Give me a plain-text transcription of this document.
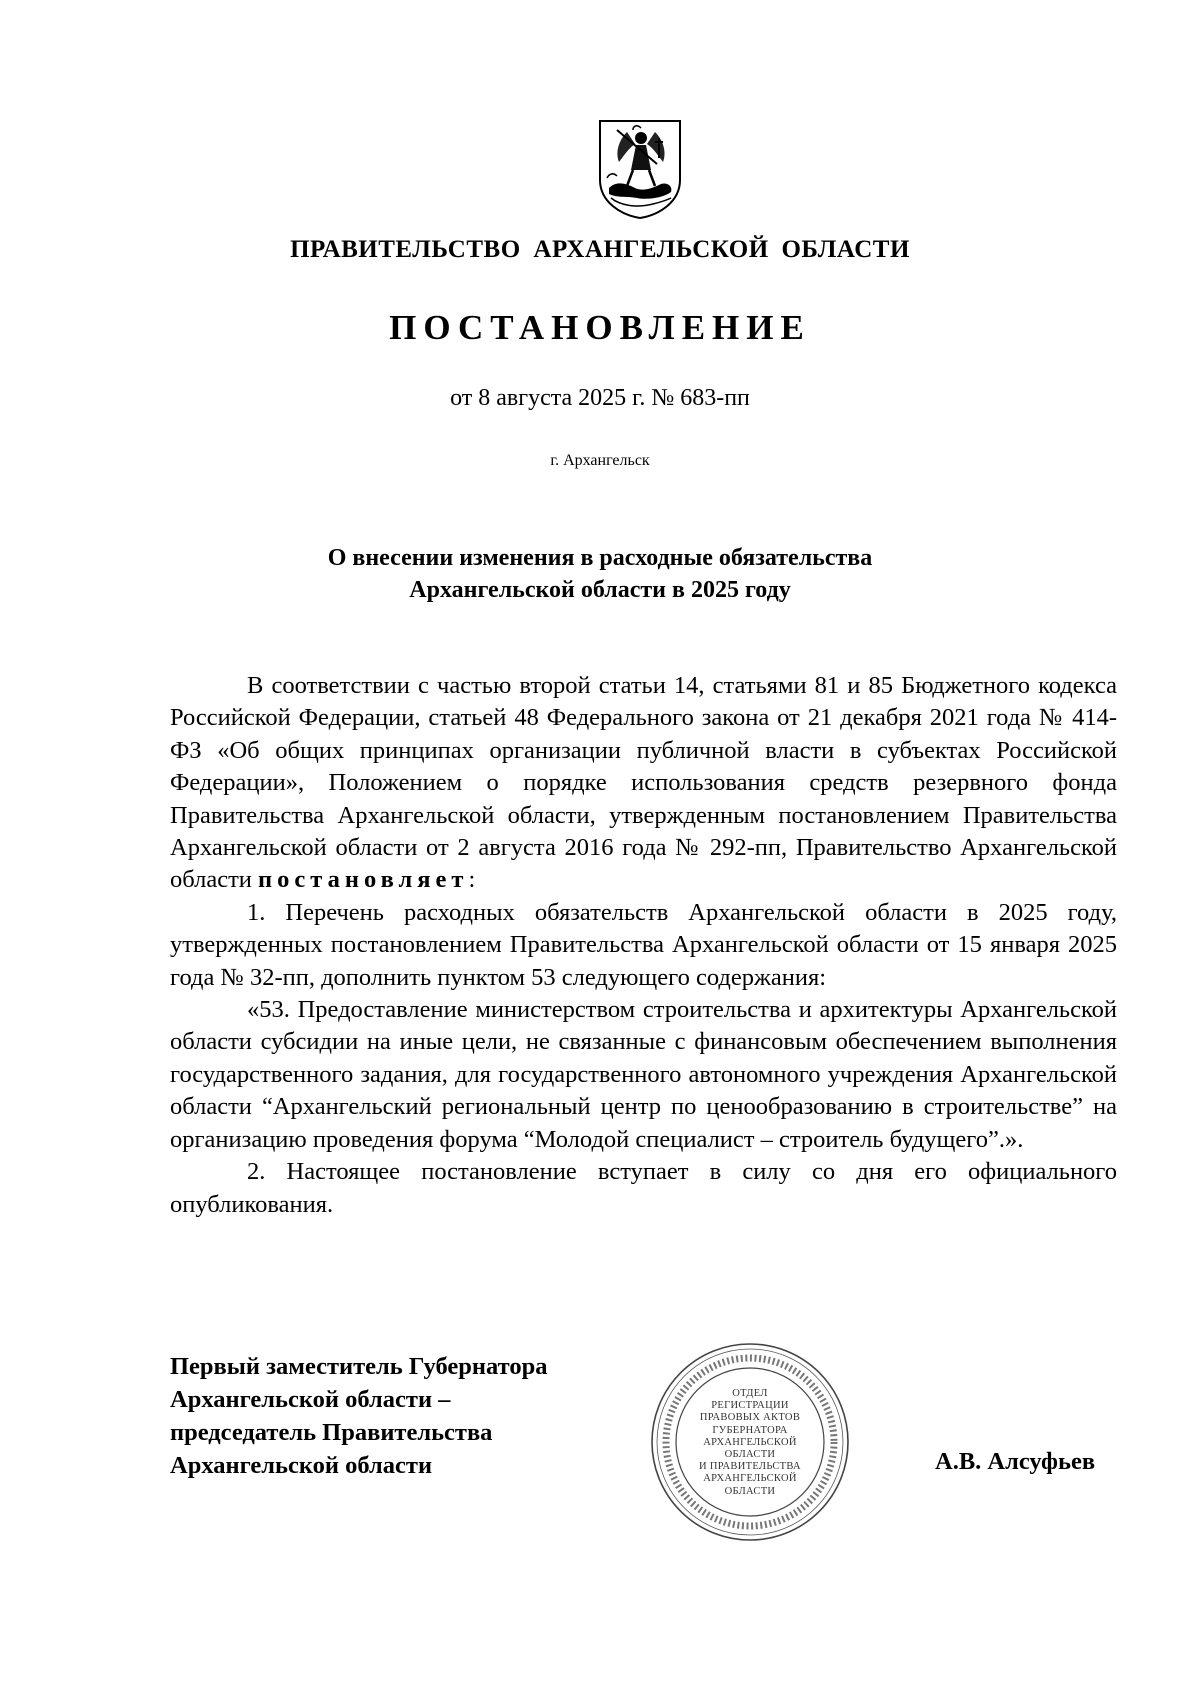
ПРАВИТЕЛЬСТВО АРХАНГЕЛЬСКОЙ ОБЛАСТИ
ПОСТАНОВЛЕНИЕ
от 8 августа 2025 г. № 683-пп
г. Архангельск
О внесении изменения в расходные обязательства
Архангельской области в 2025 году

В соответствии с частью второй статьи 14, статьями 81 и 85 Бюджетного кодекса Российской Федерации, статьей 48 Федерального закона от 21 декабря 2021 года № 414-ФЗ «Об общих принципах организации публичной власти в субъектах Российской Федерации», Положением о порядке использования средств резервного фонда Правительства Архангельской области, утвержденным постановлением Правительства Архангельской области от 2 августа 2016 года № 292-пп, Правительство Архангельской области постановляет:

1. Перечень расходных обязательств Архангельской области в 2025 году, утвержденных постановлением Правительства Архангельской области от 15 января 2025 года № 32-пп, дополнить пунктом 53 следующего содержания:

«53. Предоставление министерством строительства и архитектуры Архангельской области субсидии на иные цели, не связанные с финансовым обеспечением выполнения государственного задания, для государственного автономного учреждения Архангельской области “Архангельский региональный центр по ценообразованию в строительстве” на организацию проведения форума “Молодой специалист – строитель будущего”.».

2. Настоящее постановление вступает в силу со дня его официального опубликования.

ОТДЕЛ
РЕГИСТРАЦИИ
ПРАВОВЫХ АКТОВ
ГУБЕРНАТОРА
АРХАНГЕЛЬСКОЙ
ОБЛАСТИ
И ПРАВИТЕЛЬСТВА
АРХАНГЕЛЬСКОЙ
ОБЛАСТИ
Первый заместитель Губернатора
Архангельской области –
председатель Правительства
Архангельской области	А.В. Алсуфьев
